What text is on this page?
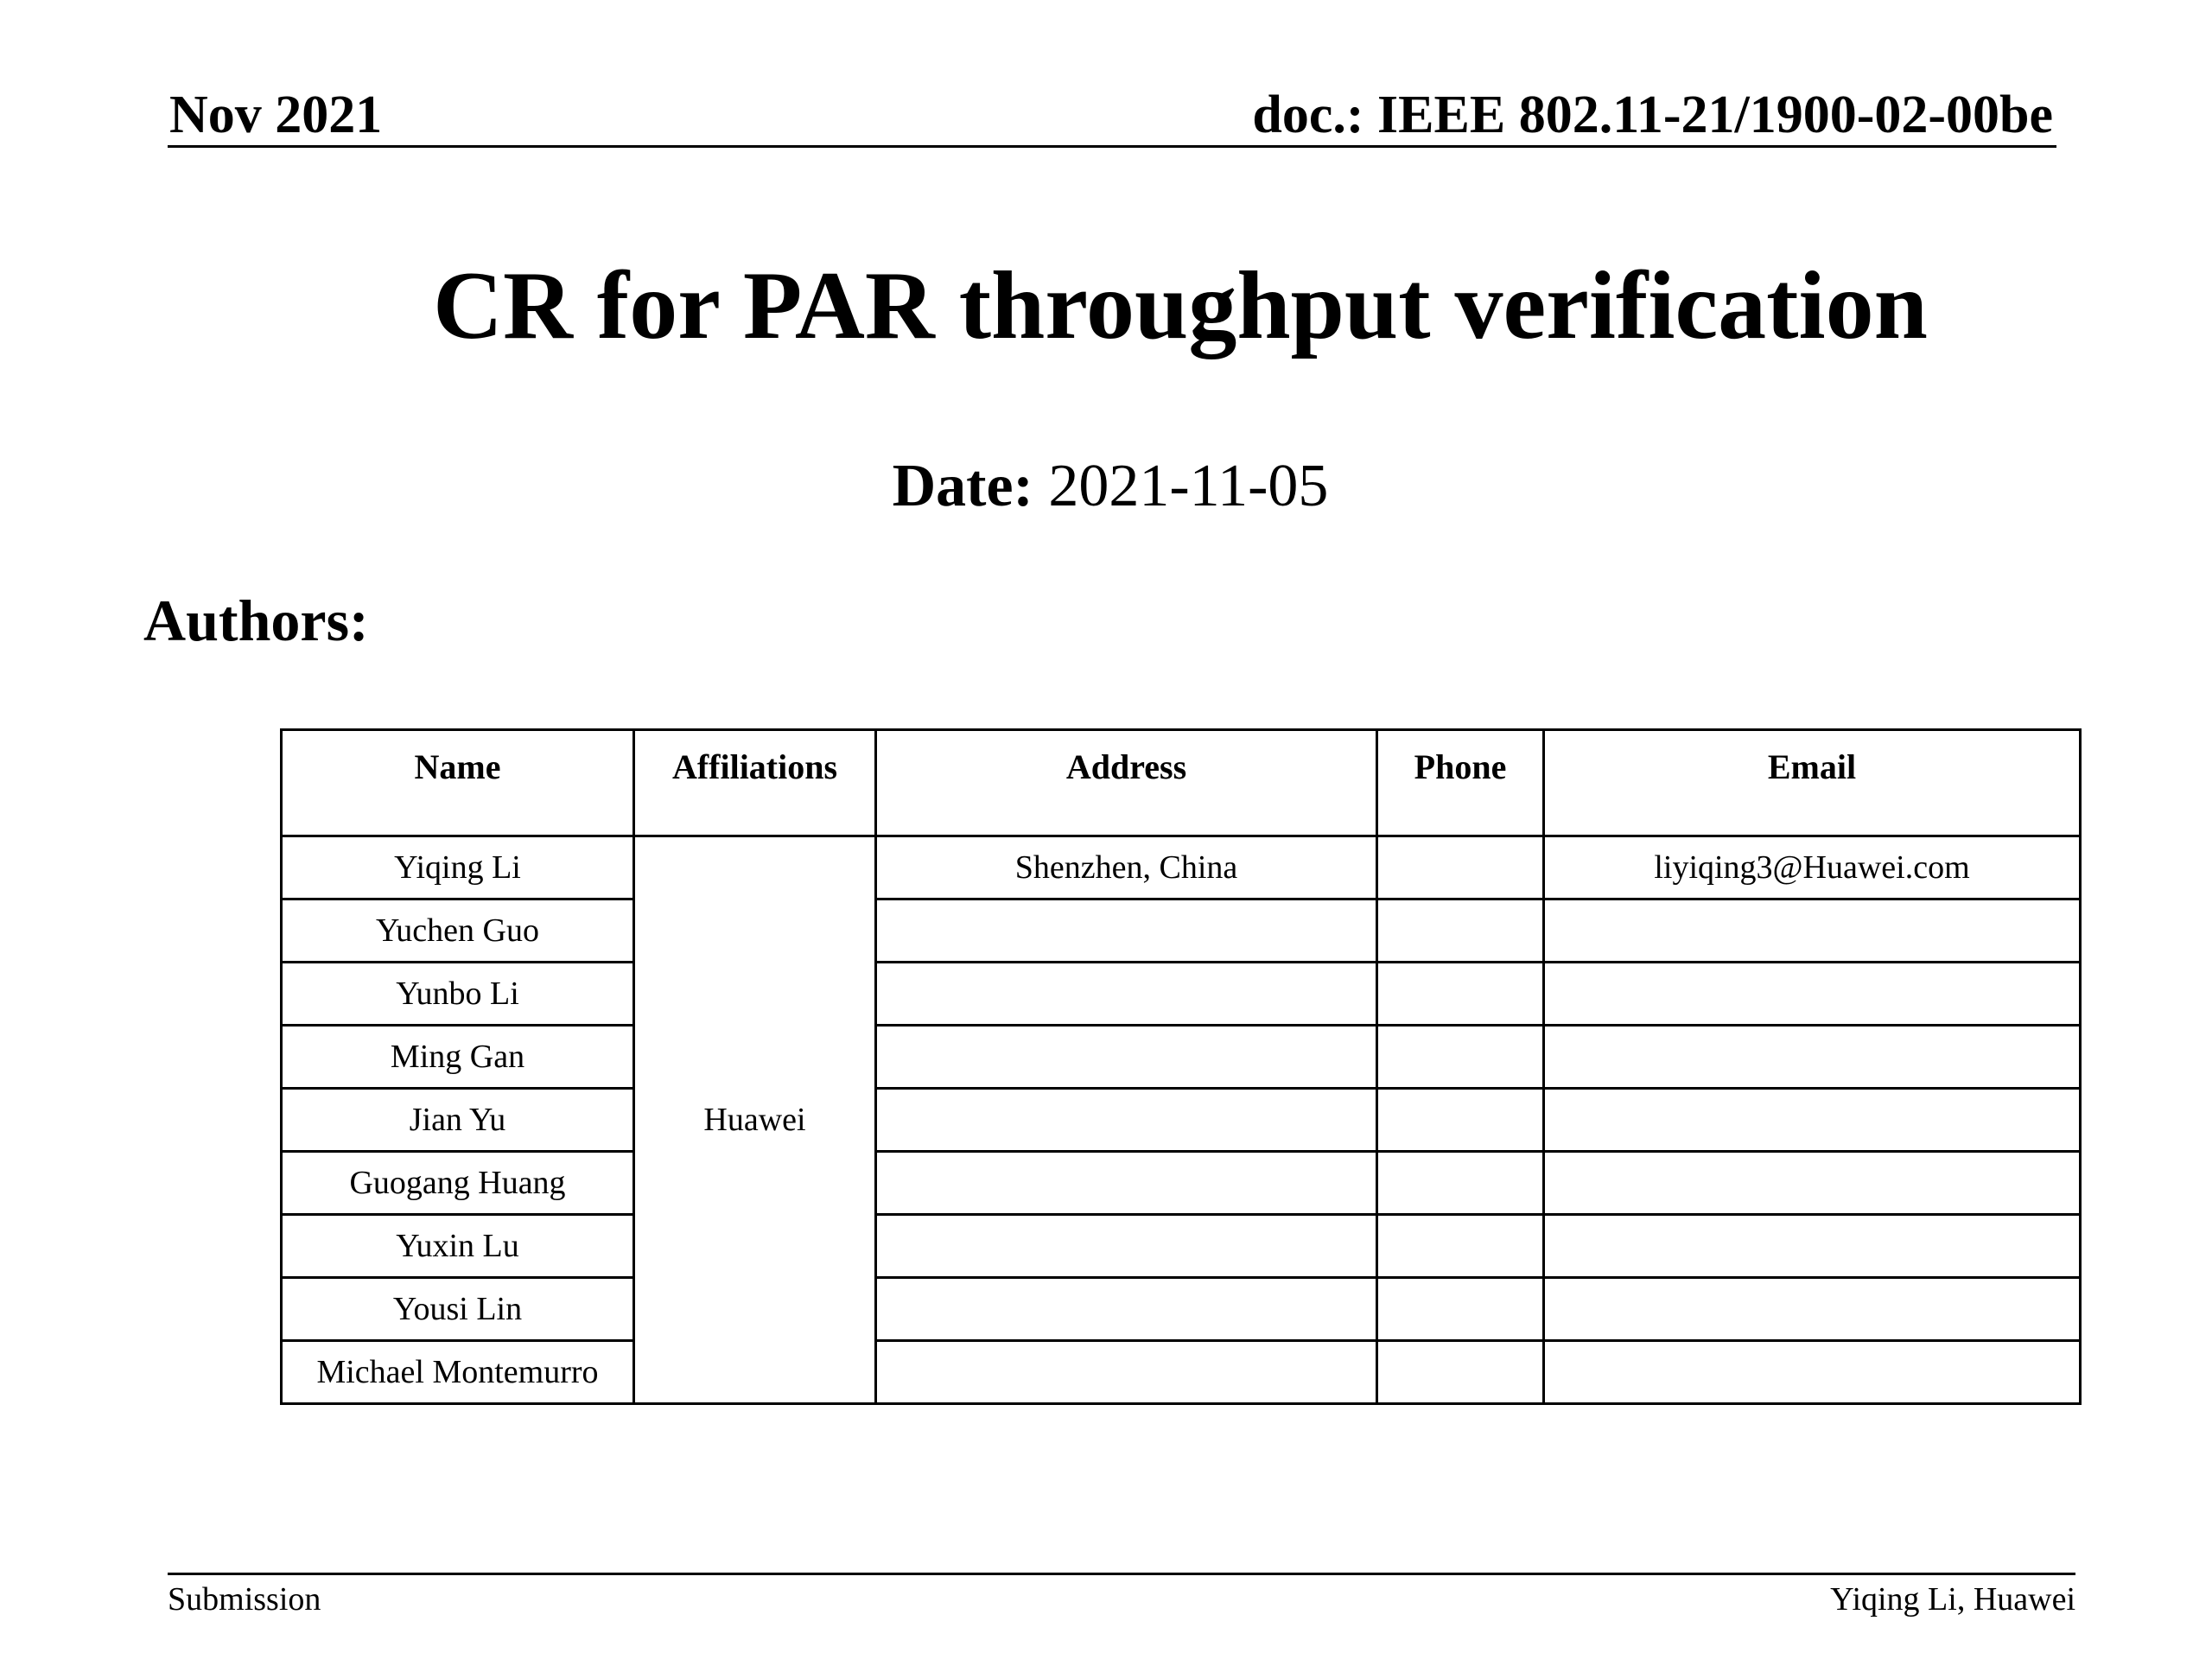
Nov 2021	doc.: IEEE 802.11-21/1900-02-00be
CR for PAR throughput verification
Date: 2021-11-05
Authors:
Name	Affiliations	Address	Phone	Email
Yiqing Li	Huawei	Shenzhen, China		liyiqing3@Huawei.com
Yuchen Guo				
Yunbo Li				
Ming Gan				
Jian Yu				
Guogang Huang				
Yuxin Lu				
Yousi Lin				
Michael Montemurro				
Submission	Yiqing Li, Huawei
